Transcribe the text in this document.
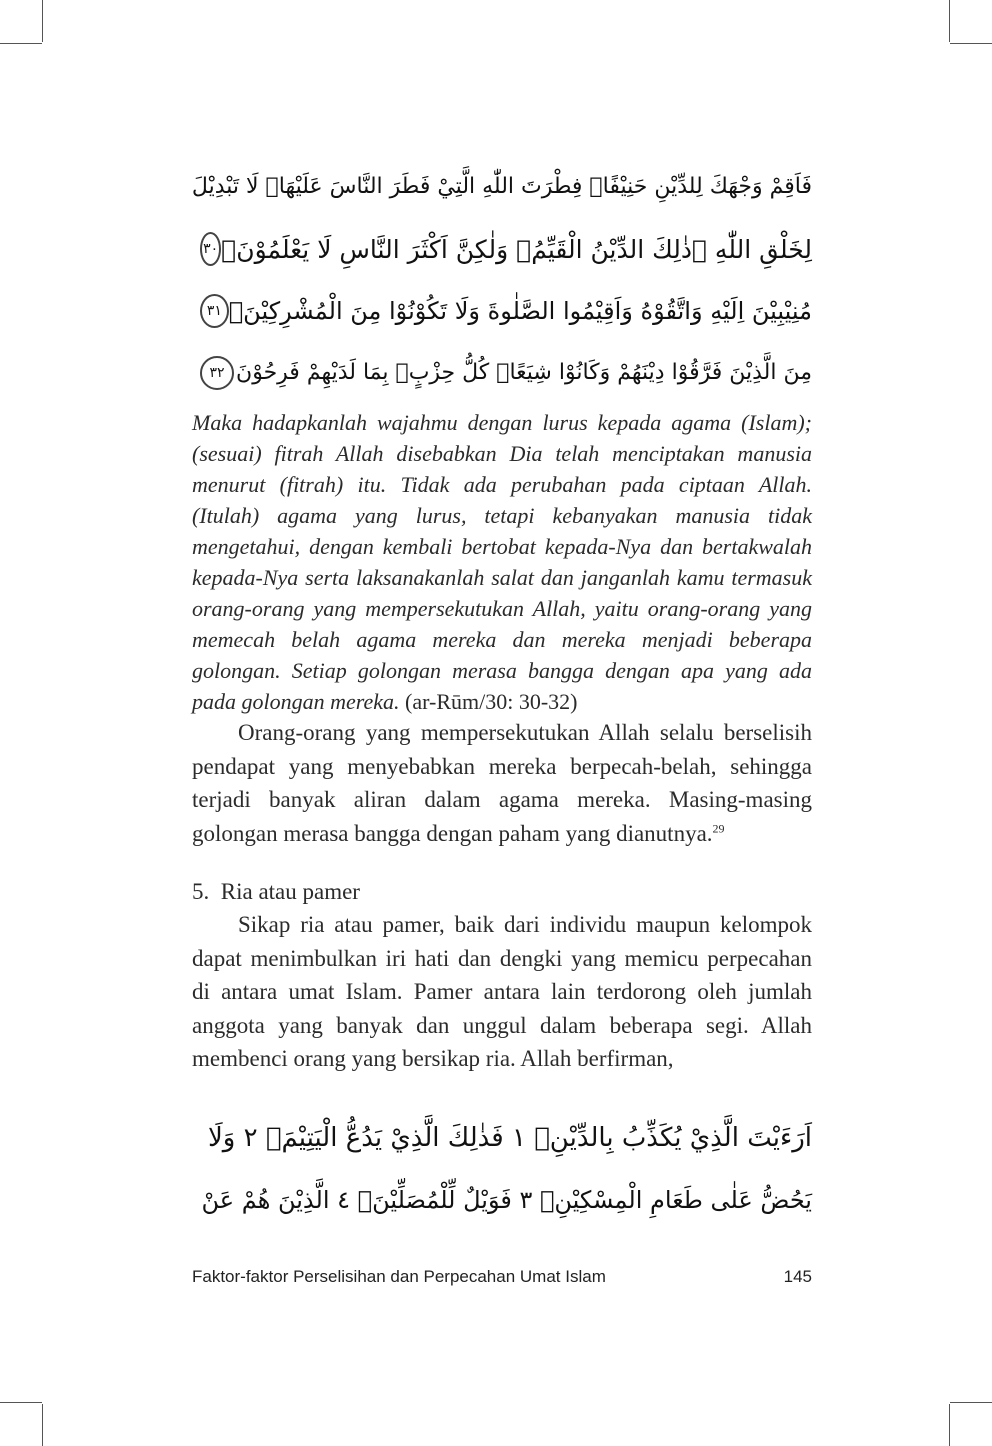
فَاَقِمْ وَجْهَكَ لِلدِّيْنِ حَنِيْفًاۗ فِطْرَتَ اللّٰهِ الَّتِيْ فَطَرَ النَّاسَ عَلَيْهَاۗ لَا تَبْدِيْلَ
لِخَلْقِ اللّٰهِ ۗذٰلِكَ الدِّيْنُ الْقَيِّمُۙ وَلٰكِنَّ اَكْثَرَ النَّاسِ لَا يَعْلَمُوْنَۙ
٣٠
مُنِيْبِيْنَ اِلَيْهِ وَاتَّقُوْهُ وَاَقِيْمُوا الصَّلٰوةَ وَلَا تَكُوْنُوْا مِنَ الْمُشْرِكِيْنَۙ
٣١
مِنَ الَّذِيْنَ فَرَّقُوْا دِيْنَهُمْ وَكَانُوْا شِيَعًاۗ كُلُّ حِزْبٍۢ بِمَا لَدَيْهِمْ فَرِحُوْنَ
٣٢
Maka hadapkanlah wajahmu dengan lurus kepada agama (Islam); (sesuai) fitrah Allah disebabkan Dia telah menciptakan manusia menurut (fitrah) itu. Tidak ada perubahan pada ciptaan Allah. (Itulah) agama yang lurus, tetapi kebanyakan manusia tidak mengetahui, dengan kembali bertobat kepada-Nya dan bertakwalah kepada-Nya serta laksanakanlah salat dan janganlah kamu termasuk orang-orang yang mempersekutukan Allah, yaitu orang-orang yang memecah belah agama mereka dan mereka menjadi beberapa golongan. Setiap golongan merasa bangga dengan apa yang ada pada golongan mereka. (ar-Rūm/30: 30-32)

Orang-orang yang mempersekutukan Allah selalu berselisih pendapat yang menyebabkan mereka berpecah-belah, sehingga terjadi banyak aliran dalam agama mereka. Masing-masing golongan merasa bangga dengan paham yang dianutnya.$^{29}$

5. Ria atau pamer

Sikap ria atau pamer, baik dari individu maupun kelompok dapat menimbulkan iri hati dan dengki yang memicu perpecahan di antara umat Islam. Pamer antara lain terdorong oleh jumlah anggota yang banyak dan unggul dalam beberapa segi. Allah membenci orang yang bersikap ria. Allah berfirman,

اَرَءَيْتَ الَّذِيْ يُكَذِّبُ بِالدِّيْنِۗ ١ فَذٰلِكَ الَّذِيْ يَدُعُّ الْيَتِيْمَۙ ٢ وَلَا
يَحُضُّ عَلٰى طَعَامِ الْمِسْكِيْنِۗ ٣ فَوَيْلٌ لِّلْمُصَلِّيْنَۙ ٤ الَّذِيْنَ هُمْ عَنْ
Faktor-faktor Perselisihan dan Perpecahan Umat Islam	145
